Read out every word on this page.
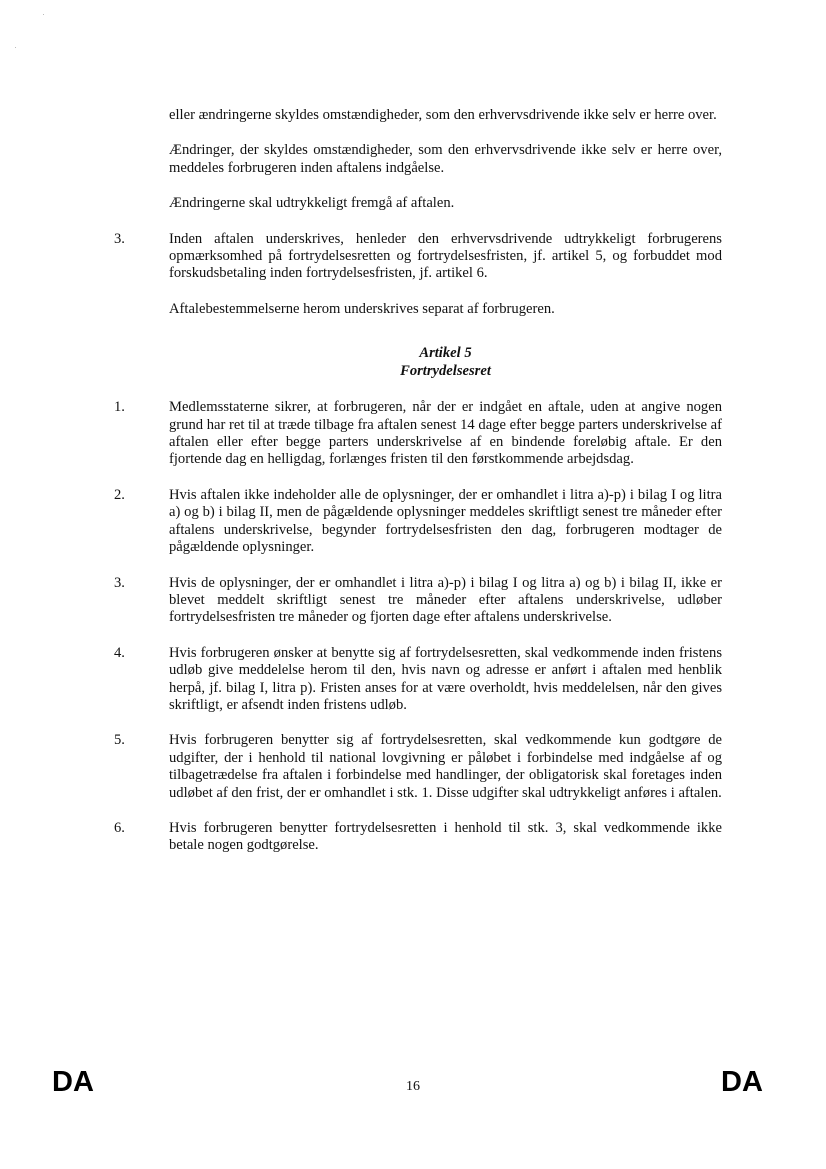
eller ændringerne skyldes omstændigheder, som den erhvervsdrivende ikke selv er herre over.

Ændringer, der skyldes omstændigheder, som den erhvervsdrivende ikke selv er herre over, meddeles forbrugeren inden aftalens indgåelse.

Ændringerne skal udtrykkeligt fremgå af aftalen.

3.	Inden aftalen underskrives, henleder den erhvervsdrivende udtrykkeligt forbrugerens opmærksomhed på fortrydelsesretten og fortrydelsesfristen, jf. artikel 5, og forbuddet mod forskudsbetaling inden fortrydelsesfristen, jf. artikel 6.

Aftalebestemmelserne herom underskrives separat af forbrugeren.

Artikel 5
Fortrydelsesret
1.	Medlemsstaterne sikrer, at forbrugeren, når der er indgået en aftale, uden at angive nogen grund har ret til at træde tilbage fra aftalen senest 14 dage efter begge parters underskrivelse af aftalen eller efter begge parters underskrivelse af en bindende foreløbig aftale. Er den fjortende dag en helligdag, forlænges fristen til den førstkommende arbejdsdag.

2.	Hvis aftalen ikke indeholder alle de oplysninger, der er omhandlet i litra a)-p) i bilag I og litra a) og b) i bilag II, men de pågældende oplysninger meddeles skriftligt senest tre måneder efter aftalens underskrivelse, begynder fortrydelsesfristen den dag, forbrugeren modtager de pågældende oplysninger.

3.	Hvis de oplysninger, der er omhandlet i litra a)-p) i bilag I og litra a) og b) i bilag II, ikke er blevet meddelt skriftligt senest tre måneder efter aftalens underskrivelse, udløber fortrydelsesfristen tre måneder og fjorten dage efter aftalens underskrivelse.

4.	Hvis forbrugeren ønsker at benytte sig af fortrydelsesretten, skal vedkommende inden fristens udløb give meddelelse herom til den, hvis navn og adresse er anført i aftalen med henblik herpå, jf. bilag I, litra p). Fristen anses for at være overholdt, hvis meddelelsen, når den gives skriftligt, er afsendt inden fristens udløb.

5.	Hvis forbrugeren benytter sig af fortrydelsesretten, skal vedkommende kun godtgøre de udgifter, der i henhold til national lovgivning er påløbet i forbindelse med indgåelse af og tilbagetrædelse fra aftalen i forbindelse med handlinger, der obligatorisk skal foretages inden udløbet af den frist, der er omhandlet i stk. 1. Disse udgifter skal udtrykkeligt anføres i aftalen.

6.	Hvis forbrugeren benytter fortrydelsesretten i henhold til stk. 3, skal vedkommende ikke betale nogen godtgørelse.

DA	16	DA
